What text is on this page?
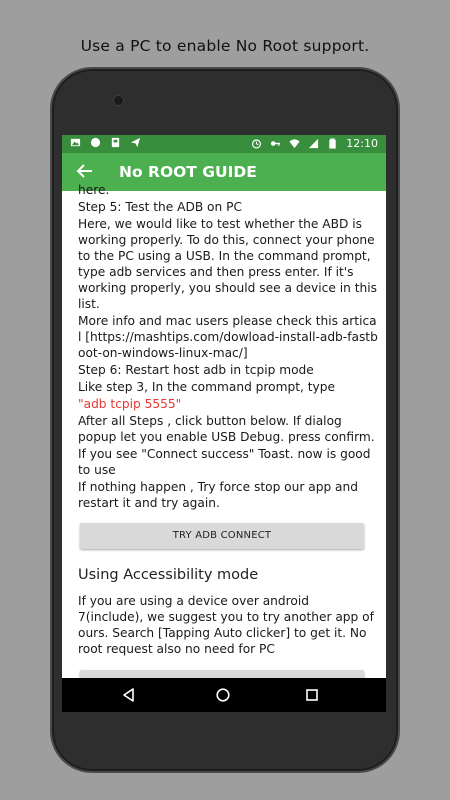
Use a PC to enable No Root support.
12:10
No ROOT GUIDE
here.
Step 5: Test the ADB on PC
Here, we would like to test whether the ABD is working properly. To do this, connect your phone to the PC using a USB. In the command prompt, type adb services and then press enter. If it's working properly, you should see a device in this list.
More info and mac users please check this artical [https://mashtips.com/dowload-install-adb-fastboot-on-windows-linux-mac/]
Step 6: Restart host adb in tcpip mode
Like step 3, In the command prompt, type
"adb tcpip 5555"
After all Steps , click button below. If dialog popup let you enable USB Debug. press confirm.
If you see "Connect success" Toast. now is good to use
If nothing happen , Try force stop our app and restart it and try again.
TRY ADB CONNECT
Using Accessibility mode
If you are using a device over android 7(include), we suggest you to try another app of ours. Search [Tapping Auto clicker] to get it. No root request also no need for PC
